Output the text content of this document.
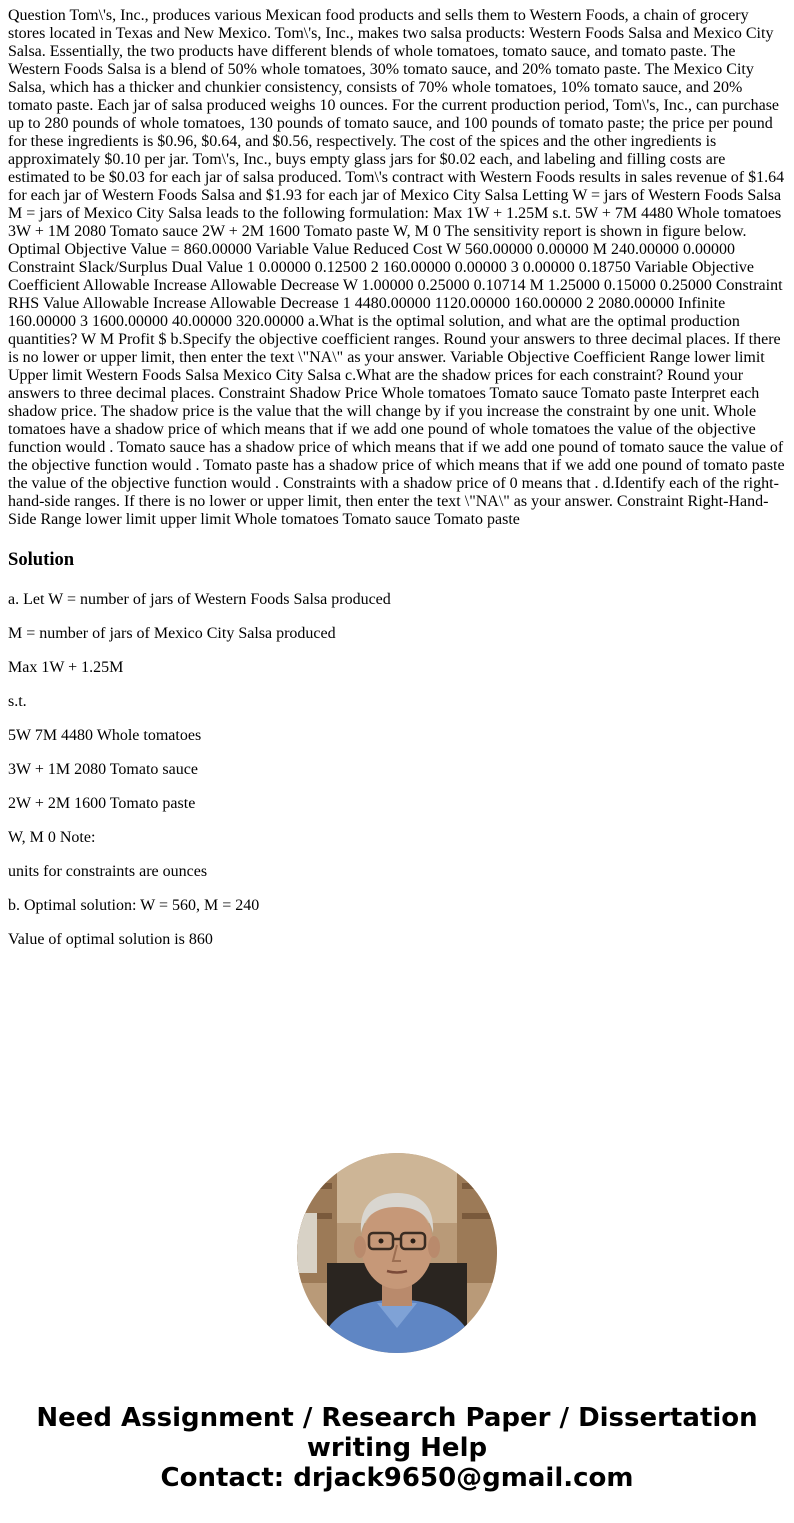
Question Tom\'s, Inc., produces various Mexican food products and sells them to Western Foods, a chain of grocery stores located in Texas and New Mexico. Tom\'s, Inc., makes two salsa products: Western Foods Salsa and Mexico City Salsa. Essentially, the two products have different blends of whole tomatoes, tomato sauce, and tomato paste. The Western Foods Salsa is a blend of 50% whole tomatoes, 30% tomato sauce, and 20% tomato paste. The Mexico City Salsa, which has a thicker and chunkier consistency, consists of 70% whole tomatoes, 10% tomato sauce, and 20% tomato paste. Each jar of salsa produced weighs 10 ounces. For the current production period, Tom\'s, Inc., can purchase up to 280 pounds of whole tomatoes, 130 pounds of tomato sauce, and 100 pounds of tomato paste; the price per pound for these ingredients is $0.96, $0.64, and $0.56, respectively. The cost of the spices and the other ingredients is approximately $0.10 per jar. Tom\'s, Inc., buys empty glass jars for $0.02 each, and labeling and filling costs are estimated to be $0.03 for each jar of salsa produced. Tom\'s contract with Western Foods results in sales revenue of $1.64 for each jar of Western Foods Salsa and $1.93 for each jar of Mexico City Salsa Letting W = jars of Western Foods Salsa M = jars of Mexico City Salsa leads to the following formulation: Max 1W + 1.25M s.t. 5W + 7M 4480 Whole tomatoes 3W + 1M 2080 Tomato sauce 2W + 2M 1600 Tomato paste W, M 0 The sensitivity report is shown in figure below. Optimal Objective Value = 860.00000 Variable Value Reduced Cost W 560.00000 0.00000 M 240.00000 0.00000 Constraint Slack/Surplus Dual Value 1 0.00000 0.12500 2 160.00000 0.00000 3 0.00000 0.18750 Variable Objective Coefficient Allowable Increase Allowable Decrease W 1.00000 0.25000 0.10714 M 1.25000 0.15000 0.25000 Constraint RHS Value Allowable Increase Allowable Decrease 1 4480.00000 1120.00000 160.00000 2 2080.00000 Infinite 160.00000 3 1600.00000 40.00000 320.00000 a.What is the optimal solution, and what are the optimal production quantities? W M Profit $ b.Specify the objective coefficient ranges. Round your answers to three decimal places. If there is no lower or upper limit, then enter the text \"NA\" as your answer. Variable Objective Coefficient Range lower limit Upper limit Western Foods Salsa Mexico City Salsa c.What are the shadow prices for each constraint? Round your answers to three decimal places. Constraint Shadow Price Whole tomatoes Tomato sauce Tomato paste Interpret each shadow price. The shadow price is the value that the will change by if you increase the constraint by one unit. Whole tomatoes have a shadow price of which means that if we add one pound of whole tomatoes the value of the objective function would . Tomato sauce has a shadow price of which means that if we add one pound of tomato sauce the value of the objective function would . Tomato paste has a shadow price of which means that if we add one pound of tomato paste the value of the objective function would . Constraints with a shadow price of 0 means that . d.Identify each of the right-hand-side ranges. If there is no lower or upper limit, then enter the text \"NA\" as your answer. Constraint Right-Hand-Side Range lower limit upper limit Whole tomatoes Tomato sauce Tomato paste

Solution

a. Let W = number of jars of Western Foods Salsa produced

M = number of jars of Mexico City Salsa produced

Max 1W + 1.25M

s.t.

5W 7M 4480 Whole tomatoes

3W + 1M 2080 Tomato sauce

2W + 2M 1600 Tomato paste

W, M 0 Note:

units for constraints are ounces

b. Optimal solution: W = 560, M = 240

Value of optimal solution is 860

Need Assignment / Research Paper / Dissertation
writing Help
Contact: drjack9650@gmail.com
